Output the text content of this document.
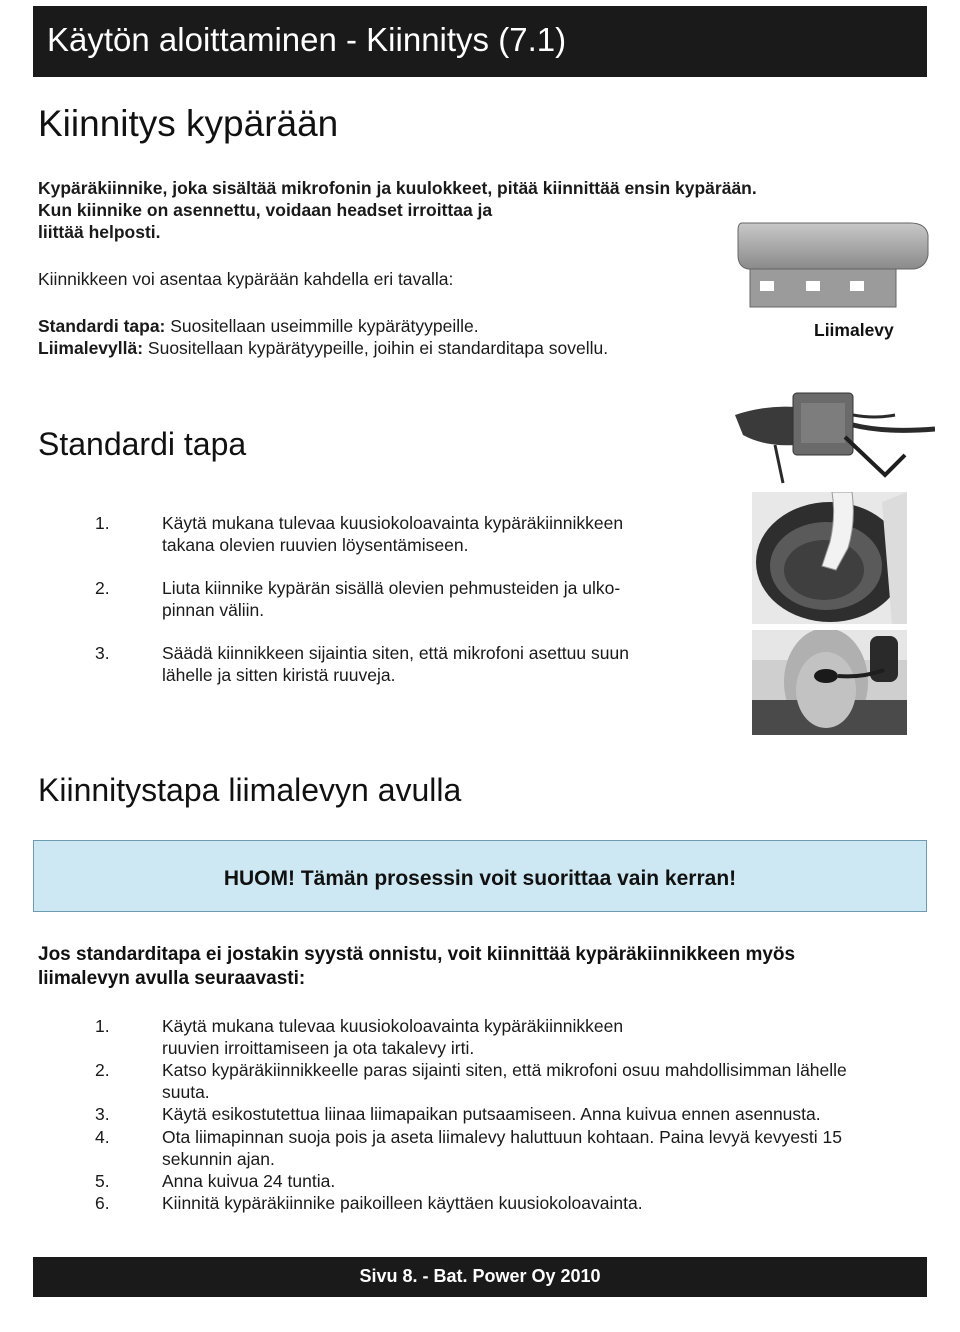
Käytön aloittaminen - Kiinnitys (7.1)
Kiinnitys kypärään
Kypäräkiinnike, joka sisältää mikrofonin ja kuulokkeet, pitää kiinnittää ensin kypärään.
Kun kiinnike on asennettu, voidaan headset irroittaa ja
liittää helposti.
Kiinnikkeen voi asentaa kypärään kahdella eri tavalla:
Standardi tapa: Suositellaan useimmille kypärätyypeille.
Liimalevyllä: Suositellaan kypärätyypeille, joihin ei standarditapa sovellu.
Liimalevy
Standardi tapa
1.	Käytä mukana tulevaa kuusiokoloavainta kypäräkiinnikkeen
takana olevien ruuvien löysentämiseen.
2.	Liuta kiinnike kypärän sisällä olevien pehmusteiden ja ulko-
pinnan väliin.
3.	Säädä kiinnikkeen sijaintia siten, että mikrofoni asettuu suun
lähelle ja sitten kiristä ruuveja.
Kiinnitystapa liimalevyn avulla
HUOM! Tämän prosessin voit suorittaa vain kerran!
Jos standarditapa ei jostakin syystä onnistu, voit kiinnittää kypäräkiinnikkeen myös
liimalevyn avulla seuraavasti:
1.	Käytä mukana tulevaa kuusiokoloavainta kypäräkiinnikkeen
ruuvien irroittamiseen ja ota takalevy irti.
2.	Katso kypäräkiinnikkeelle paras sijainti siten, että mikrofoni osuu mahdollisimman lähelle
suuta.
3.	Käytä esikostutettua liinaa liimapaikan putsaamiseen. Anna kuivua ennen asennusta.
4.	Ota liimapinnan suoja pois ja aseta liimalevy haluttuun kohtaan. Paina levyä kevyesti 15
sekunnin ajan.
5.	Anna kuivua 24 tuntia.
6.	Kiinnitä kypäräkiinnike paikoilleen käyttäen kuusiokoloavainta.
Sivu 8. - Bat. Power Oy 2010
